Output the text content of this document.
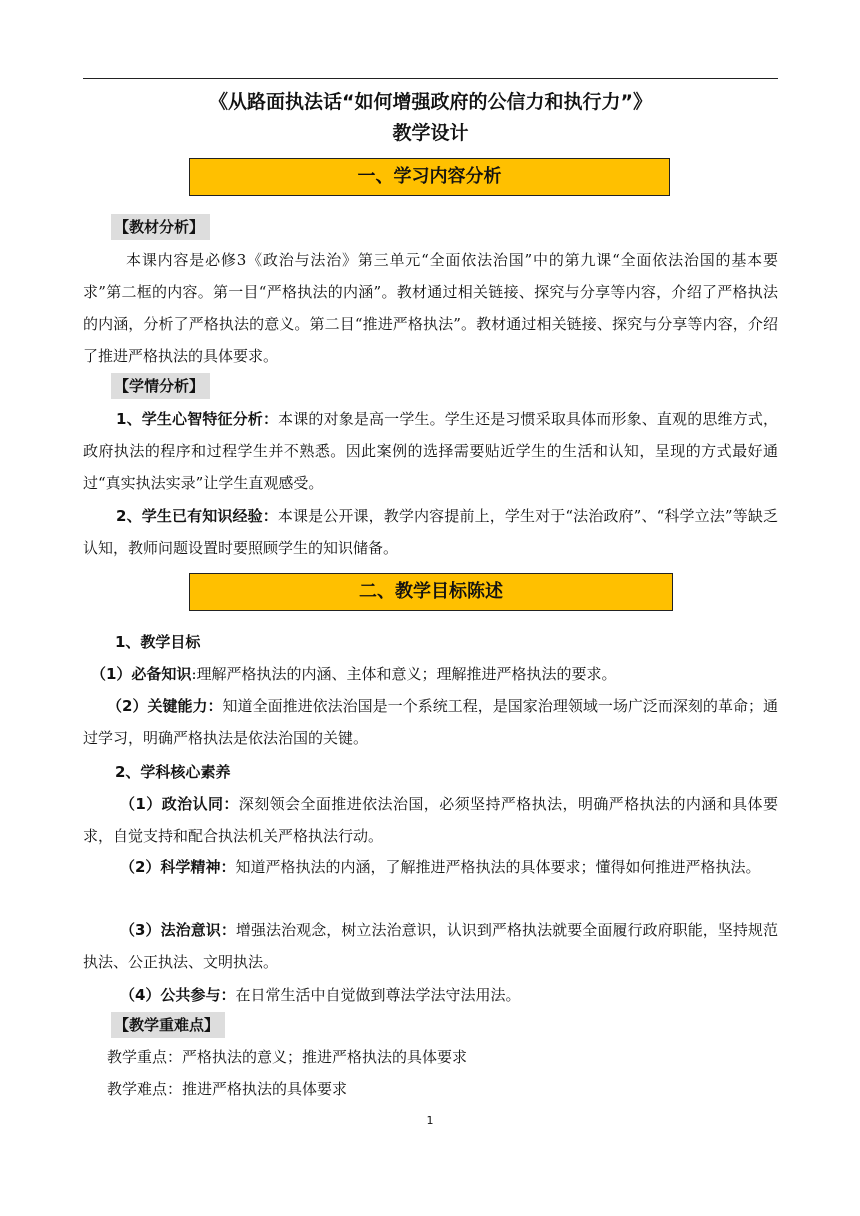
《从路面执法话“如何增强政府的公信力和执行力”》
教学设计
一、学习内容分析
【教材分析】
本课内容是必修3《政治与法治》第三单元“全面依法治国”中的第九课“全面依法治国的基本要求”第二框的内容。第一目“严格执法的内涵”。教材通过相关链接、探究与分享等内容，介绍了严格执法的内涵，分析了严格执法的意义。第二目“推进严格执法”。教材通过相关链接、探究与分享等内容，介绍了推进严格执法的具体要求。
【学情分析】
1、学生心智特征分析：本课的对象是高一学生。学生还是习惯采取具体而形象、直观的思维方式，政府执法的程序和过程学生并不熟悉。因此案例的选择需要贴近学生的生活和认知，呈现的方式最好通过“真实执法实录”让学生直观感受。
2、学生已有知识经验：本课是公开课，教学内容提前上，学生对于“法治政府”、“科学立法”等缺乏认知，教师问题设置时要照顾学生的知识储备。
二、教学目标陈述
1、教学目标
（1）必备知识:理解严格执法的内涵、主体和意义；理解推进严格执法的要求。
（2）关键能力：知道全面推进依法治国是一个系统工程，是国家治理领域一场广泛而深刻的革命；通过学习，明确严格执法是依法治国的关键。
2、学科核心素养
（1）政治认同：深刻领会全面推进依法治国，必须坚持严格执法，明确严格执法的内涵和具体要求，自觉支持和配合执法机关严格执法行动。
（2）科学精神：知道严格执法的内涵，了解推进严格执法的具体要求；懂得如何推进严格执法。
（3）法治意识：增强法治观念，树立法治意识，认识到严格执法就要全面履行政府职能，坚持规范执法、公正执法、文明执法。
（4）公共参与：在日常生活中自觉做到尊法学法守法用法。
【教学重难点】
教学重点：严格执法的意义；推进严格执法的具体要求
教学难点：推进严格执法的具体要求
1
